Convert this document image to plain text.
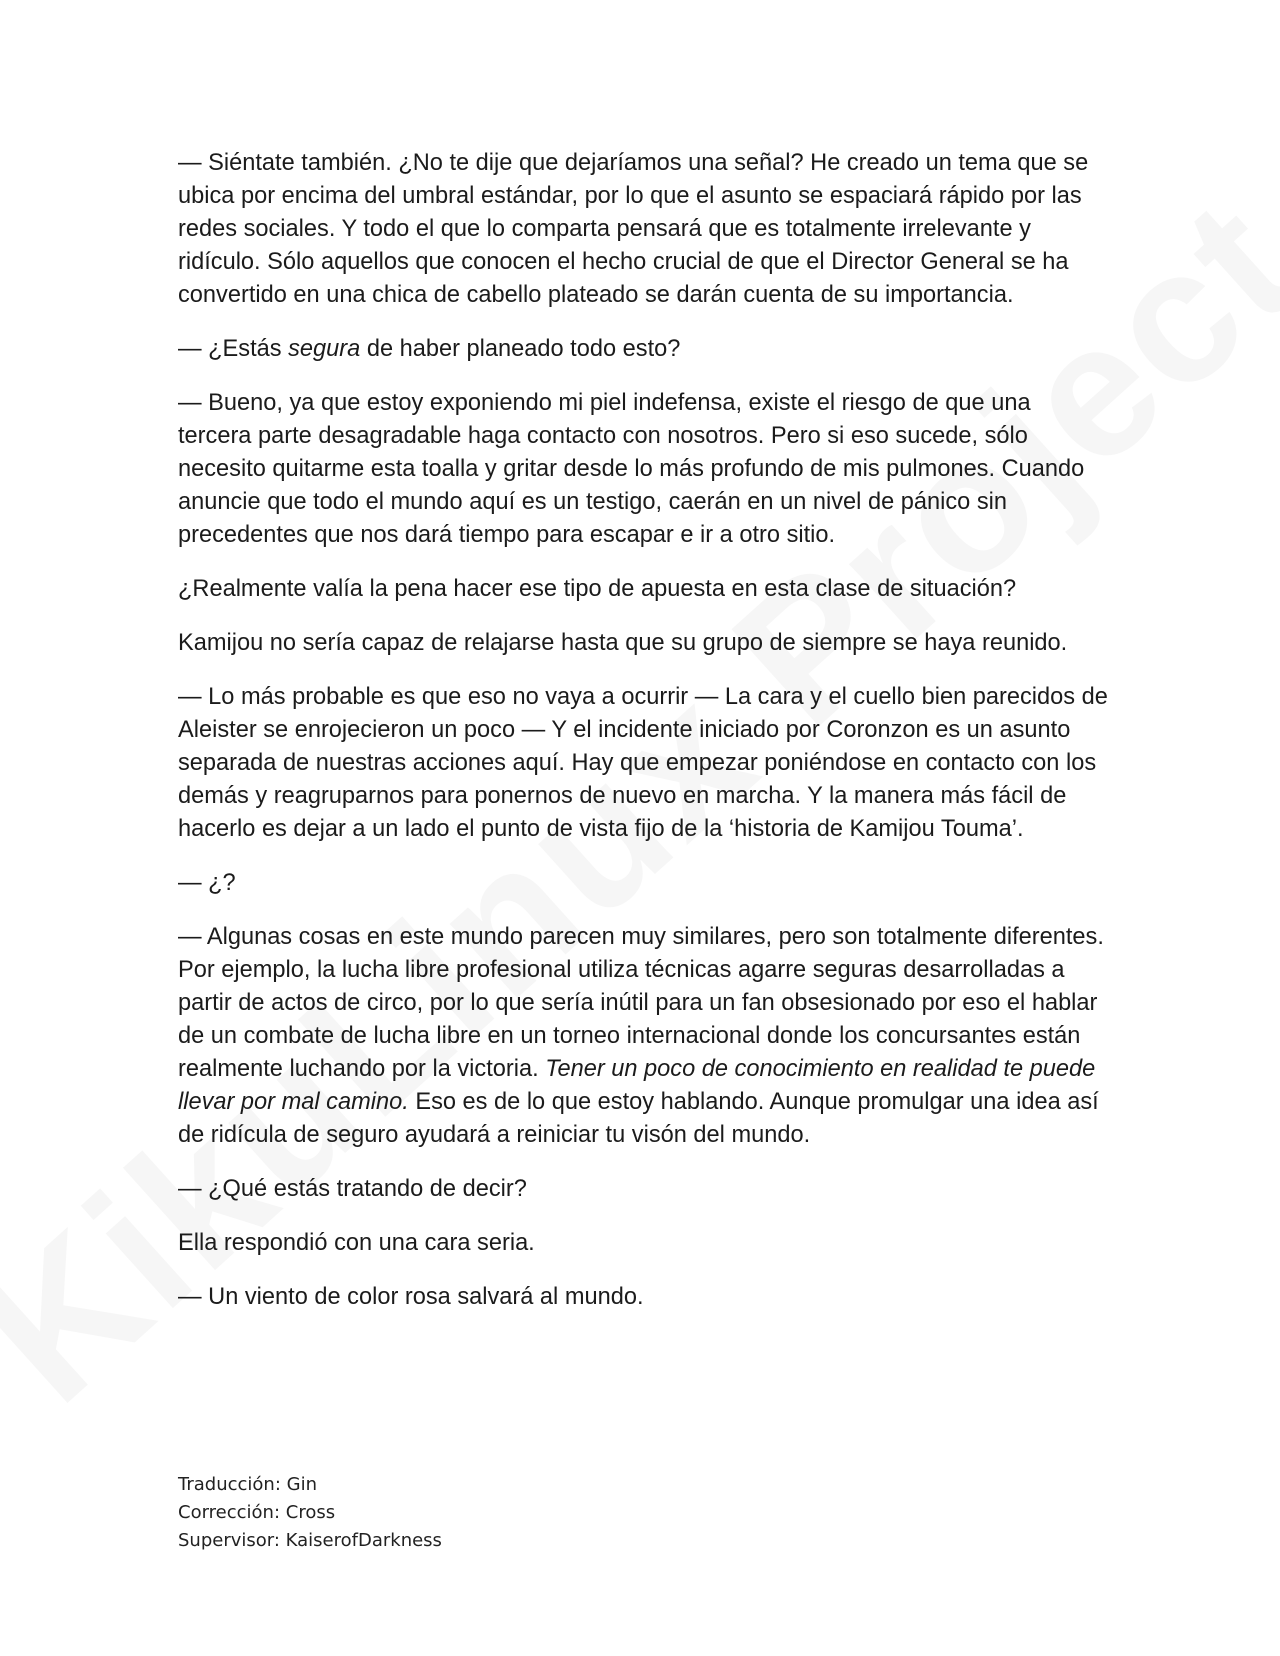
— Siéntate también. ¿No te dije que dejaríamos una señal? He creado un tema que se ubica por encima del umbral estándar, por lo que el asunto se espaciará rápido por las redes sociales. Y todo el que lo comparta pensará que es totalmente irrelevante y ridículo. Sólo aquellos que conocen el hecho crucial de que el Director General se ha convertido en una chica de cabello plateado se darán cuenta de su importancia.

— ¿Estás segura de haber planeado todo esto?

— Bueno, ya que estoy exponiendo mi piel indefensa, existe el riesgo de que una tercera parte desagradable haga contacto con nosotros. Pero si eso sucede, sólo necesito quitarme esta toalla y gritar desde lo más profundo de mis pulmones. Cuando anuncie que todo el mundo aquí es un testigo, caerán en un nivel de pánico sin precedentes que nos dará tiempo para escapar e ir a otro sitio.

¿Realmente valía la pena hacer ese tipo de apuesta en esta clase de situación?

Kamijou no sería capaz de relajarse hasta que su grupo de siempre se haya reunido.

— Lo más probable es que eso no vaya a ocurrir — La cara y el cuello bien parecidos de Aleister se enrojecieron un poco — Y el incidente iniciado por Coronzon es un asunto separada de nuestras acciones aquí. Hay que empezar poniéndose en contacto con los demás y reagruparnos para ponernos de nuevo en marcha. Y la manera más fácil de hacerlo es dejar a un lado el punto de vista fijo de la ‘historia de Kamijou Touma’.

— ¿?

— Algunas cosas en este mundo parecen muy similares, pero son totalmente diferentes. Por ejemplo, la lucha libre profesional utiliza técnicas agarre seguras desarrolladas a partir de actos de circo, por lo que sería inútil para un fan obsesionado por eso el hablar de un combate de lucha libre en un torneo internacional donde los concursantes están realmente luchando por la victoria. Tener un poco de conocimiento en realidad te puede llevar por mal camino. Eso es de lo que estoy hablando. Aunque promulgar una idea así de ridícula de seguro ayudará a reiniciar tu visón del mundo.

— ¿Qué estás tratando de decir?

Ella respondió con una cara seria.

— Un viento de color rosa salvará al mundo.

Traducción: Gin
Corrección: Cross
Supervisor: KaiserofDarkness
